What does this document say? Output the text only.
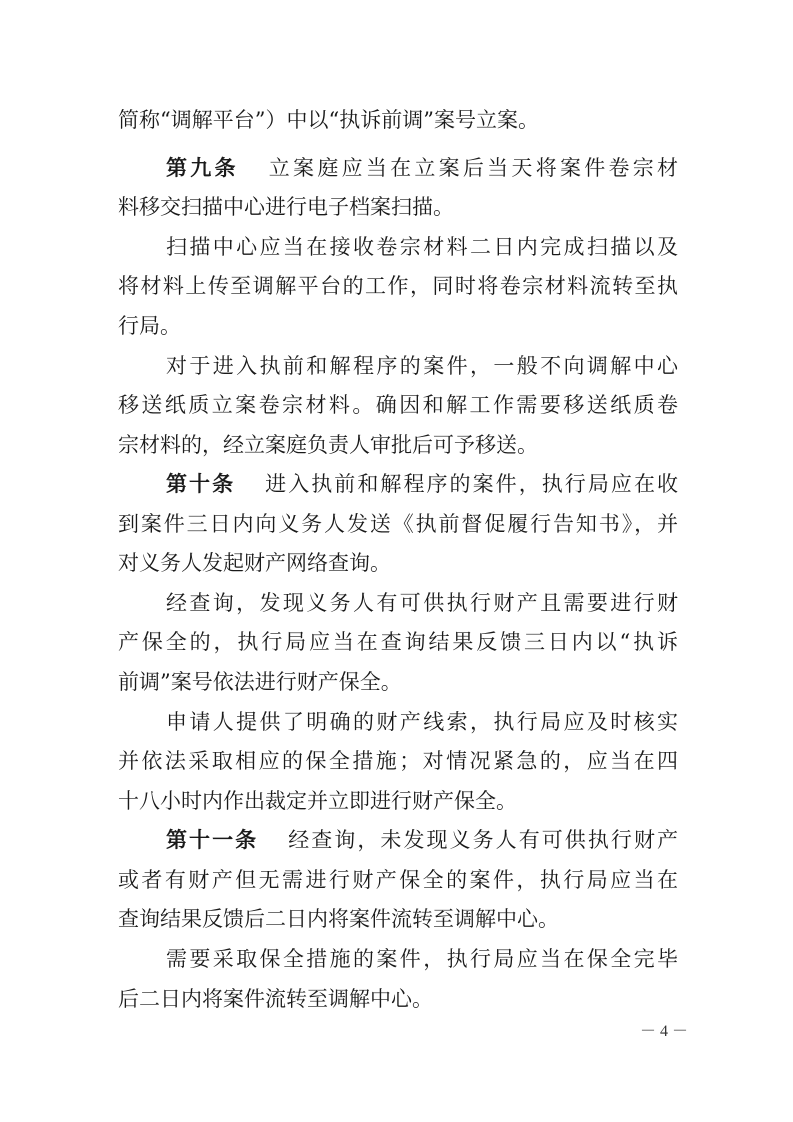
简称“调解平台”）中以“执诉前调”案号立案。
第九条 立案庭应当在立案后当天将案件卷宗材
料移交扫描中心进行电子档案扫描。
扫描中心应当在接收卷宗材料二日内完成扫描以及
将材料上传至调解平台的工作，同时将卷宗材料流转至执
行局。
对于进入执前和解程序的案件，一般不向调解中心
移送纸质立案卷宗材料。确因和解工作需要移送纸质卷
宗材料的，经立案庭负责人审批后可予移送。
第十条 进入执前和解程序的案件，执行局应在收
到案件三日内向义务人发送《执前督促履行告知书》，并
对义务人发起财产网络查询。
经查询，发现义务人有可供执行财产且需要进行财
产保全的，执行局应当在查询结果反馈三日内以“执诉
前调”案号依法进行财产保全。
申请人提供了明确的财产线索，执行局应及时核实
并依法采取相应的保全措施；对情况紧急的，应当在四
十八小时内作出裁定并立即进行财产保全。
第十一条 经查询，未发现义务人有可供执行财产
或者有财产但无需进行财产保全的案件，执行局应当在
查询结果反馈后二日内将案件流转至调解中心。
需要采取保全措施的案件，执行局应当在保全完毕
后二日内将案件流转至调解中心。
－ 4 －
